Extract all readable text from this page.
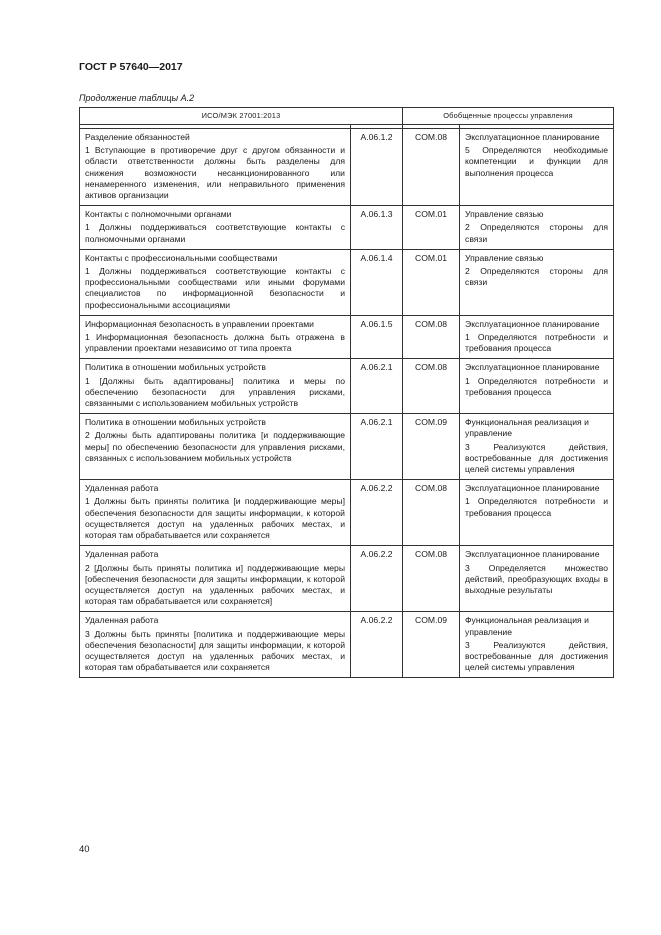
ГОСТ Р 57640—2017
Продолжение таблицы А.2
ИСО/МЭК 27001:2013		Обобщенные процессы управления	

Разделение обязанностей
1 Вступающие в противоречие друг с другом обязанности и области ответственности должны быть разделены для снижения возможности несанкционированного или ненамеренного изменения, или неправильного применения активов организации	A.06.1.2	COM.08	Эксплуатационное планирование
5 Определяются необходимые компетенции и функции для выполнения процесса

Контакты с полномочными органами
1 Должны поддерживаться соответствующие контакты с полномочными органами	A.06.1.3	COM.01	Управление связью
2 Определяются стороны для связи

Контакты с профессиональными сообществами
1 Должны поддерживаться соответствующие контакты с профессиональными сообществами или иными форумами специалистов по информационной безопасности и профессиональными ассоциациями	A.06.1.4	COM.01	Управление связью
2 Определяются стороны для связи

Информационная безопасность в управлении проектами
1 Информационная безопасность должна быть отражена в управлении проектами независимо от типа проекта	A.06.1.5	COM.08	Эксплуатационное планирование
1 Определяются потребности и требования процесса

Политика в отношении мобильных устройств
1 [Должны быть адаптированы] политика и меры по обеспечению безопасности для управления рисками, связанными с использованием мобильных устройств	A.06.2.1	COM.08	Эксплуатационное планирование
1 Определяются потребности и требования процесса

Политика в отношении мобильных устройств
2 Должны быть адаптированы политика [и поддерживающие меры] по обеспечению безопасности для управления рисками, связанных с использованием мобильных устройств	A.06.2.1	COM.09	Функциональная реализация и управление
3 Реализуются действия, востребованные для достижения целей системы управления

Удаленная работа
1 Должны быть приняты политика [и поддерживающие меры] обеспечения безопасности для защиты информации, к которой осуществляется доступ на удаленных рабочих местах, и которая там обрабатывается или сохраняется	A.06.2.2	COM.08	Эксплуатационное планирование
1 Определяются потребности и требования процесса

Удаленная работа
2 [Должны быть приняты политика и] поддерживающие меры [обеспечения безопасности для защиты информации, к которой осуществляется доступ на удаленных рабочих местах, и которая там обрабатывается или сохраняется]	A.06.2.2	COM.08	Эксплуатационное планирование
3 Определяется множество действий, преобразующих входы в выходные результаты

Удаленная работа
3 Должны быть приняты [политика и поддерживающие меры обеспечения безопасности] для защиты информации, к которой осуществляется доступ на удаленных рабочих местах, и которая там обрабатывается или сохраняется	A.06.2.2	COM.09	Функциональная реализация и управление
3 Реализуются действия, востребованные для достижения целей системы управления
40
